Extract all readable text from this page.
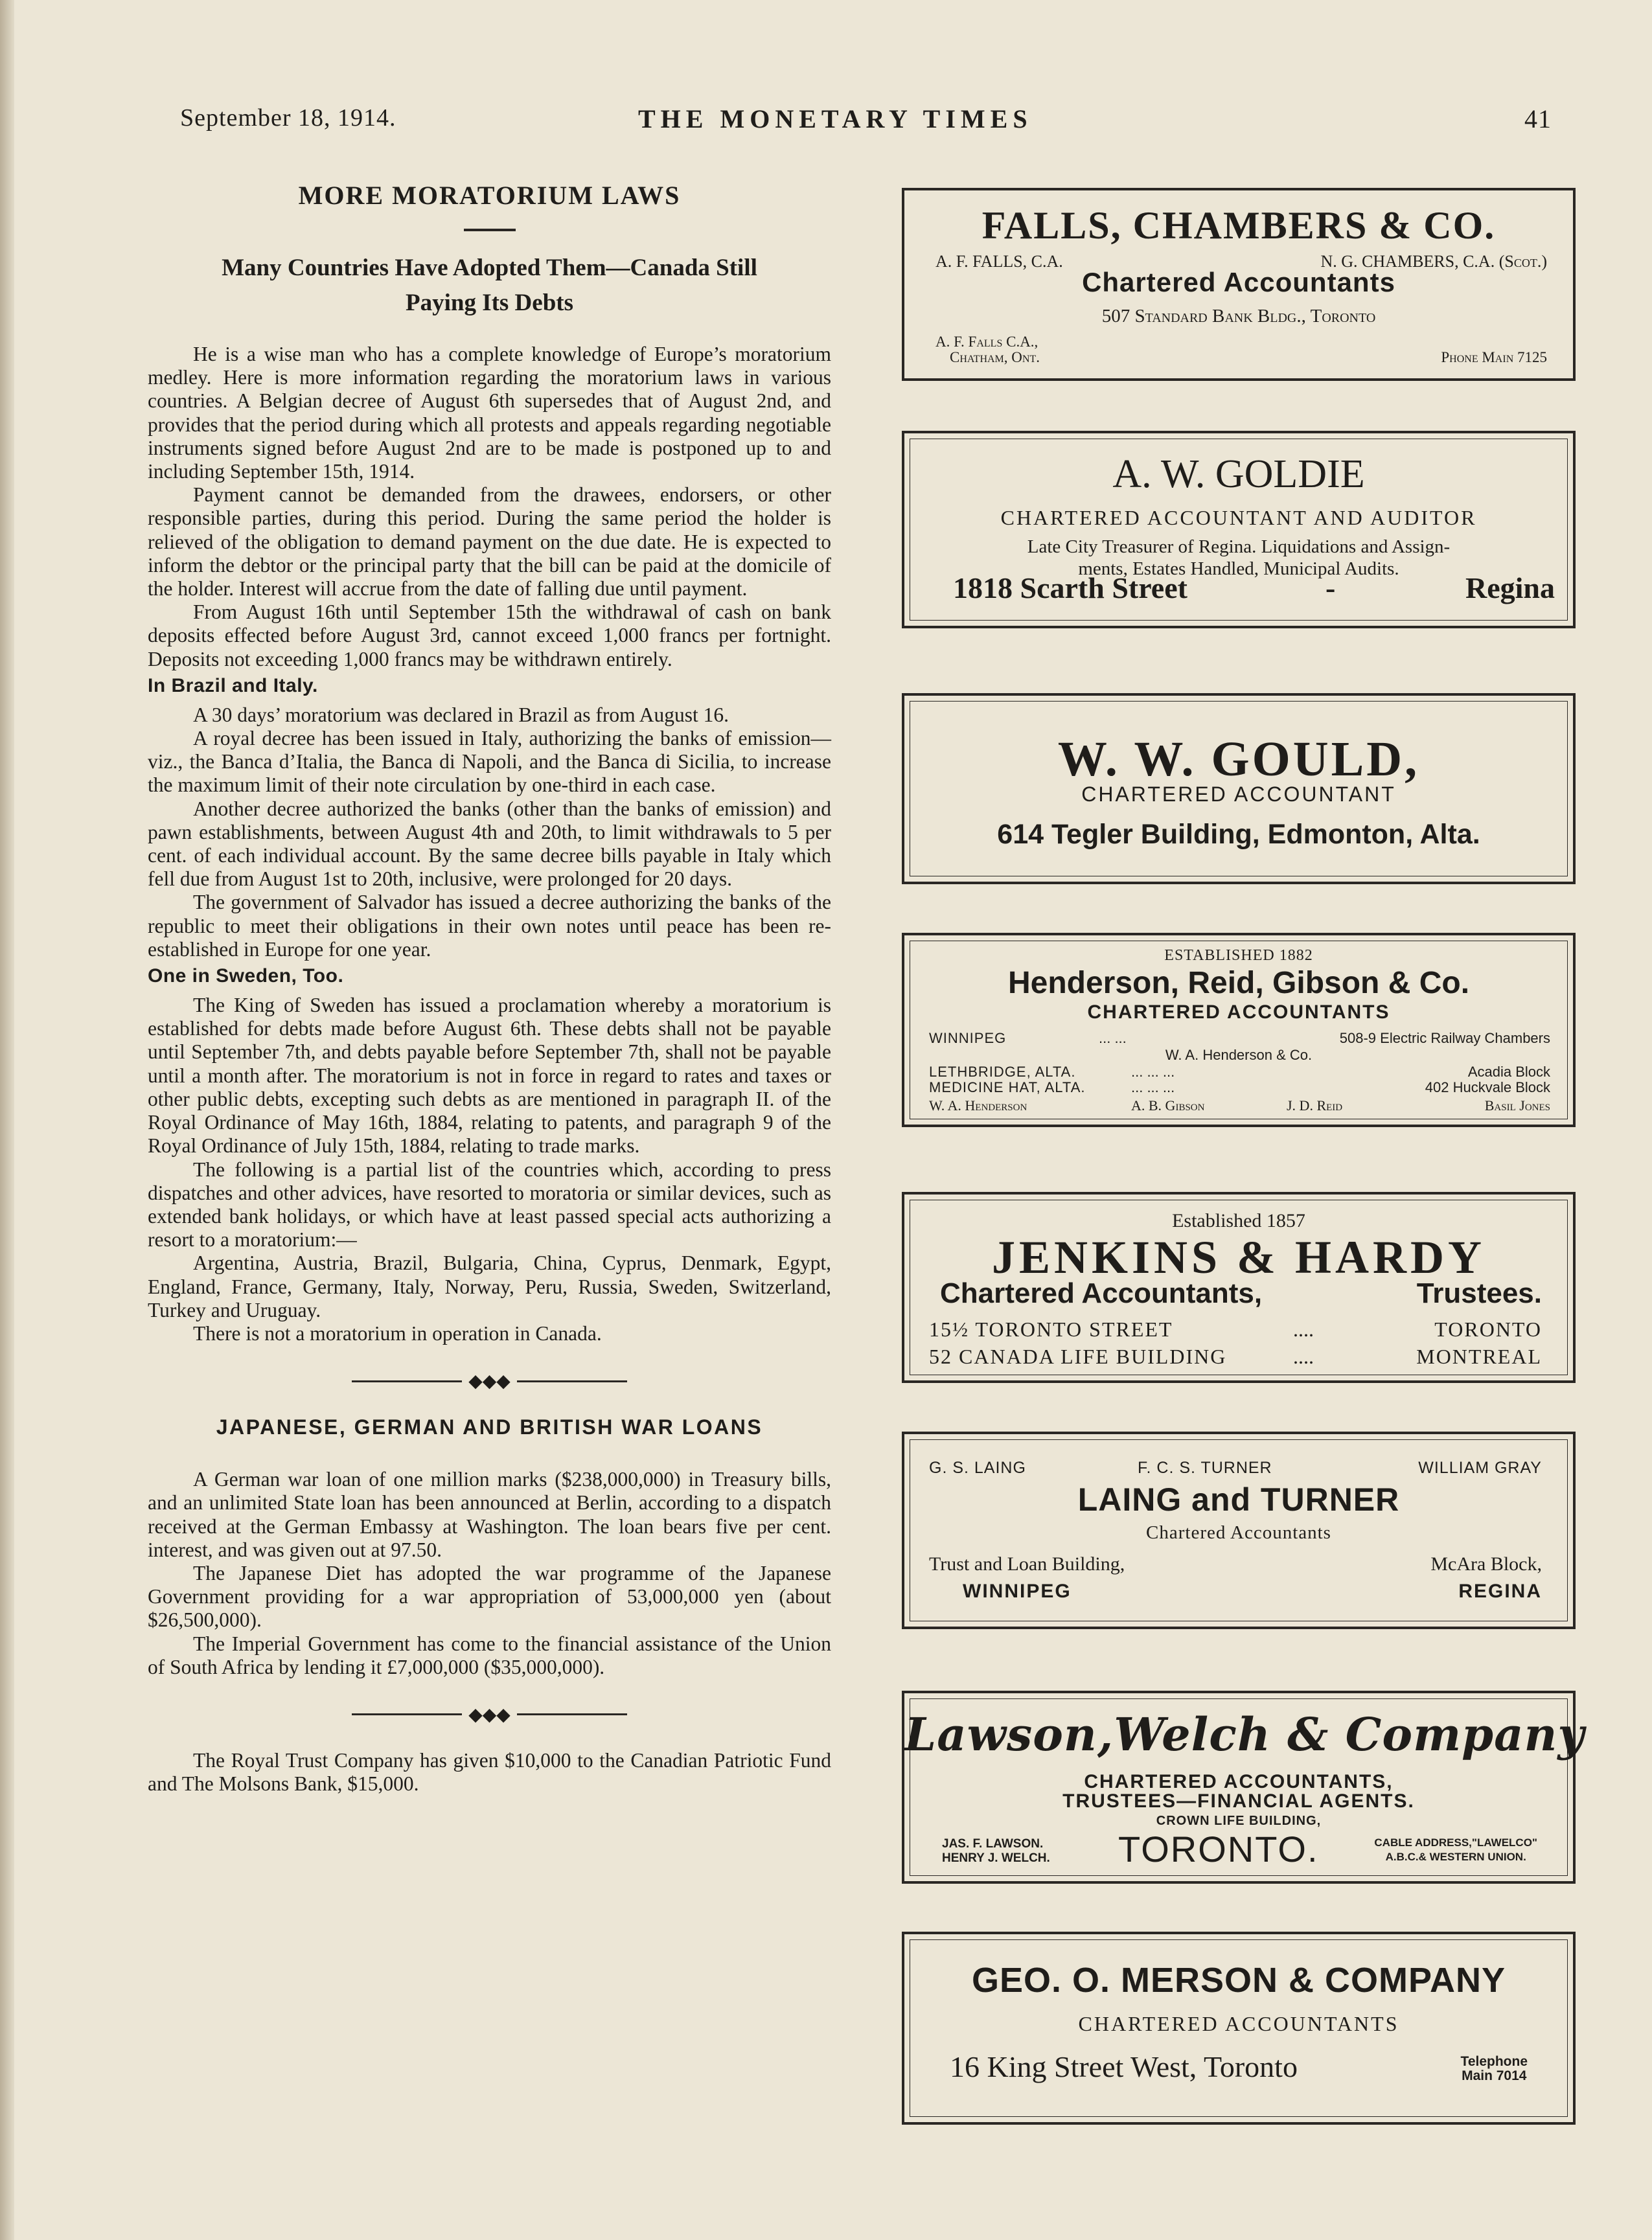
September 18, 1914.	THE MONETARY TIMES	41
MORE MORATORIUM LAWS
Many Countries Have Adopted Them—Canada Still
Paying Its Debts

He is a wise man who has a complete knowledge of Europe’s moratorium medley. Here is more information regarding the moratorium laws in various countries. A Belgian decree of August 6th supersedes that of August 2nd, and provides that the period during which all protests and appeals regarding negotiable instruments signed before August 2nd are to be made is postponed up to and including September 15th, 1914.

Payment cannot be demanded from the drawees, endorsers, or other responsible parties, during this period. During the same period the holder is relieved of the obligation to demand payment on the due date. He is expected to inform the debtor or the principal party that the bill can be paid at the domicile of the holder. Interest will accrue from the date of falling due until payment.

From August 16th until September 15th the withdrawal of cash on bank deposits effected before August 3rd, cannot exceed 1,000 francs per fortnight. Deposits not exceeding 1,000 francs may be withdrawn entirely.

In Brazil and Italy.

A 30 days’ moratorium was declared in Brazil as from August 16.

A royal decree has been issued in Italy, authorizing the banks of emission—viz., the Banca d’Italia, the Banca di Napoli, and the Banca di Sicilia, to increase the maximum limit of their note circulation by one-third in each case.

Another decree authorized the banks (other than the banks of emission) and pawn establishments, between August 4th and 20th, to limit withdrawals to 5 per cent. of each individual account. By the same decree bills payable in Italy which fell due from August 1st to 20th, inclusive, were prolonged for 20 days.

The government of Salvador has issued a decree authorizing the banks of the republic to meet their obligations in their own notes until peace has been re-established in Europe for one year.

One in Sweden, Too.

The King of Sweden has issued a proclamation whereby a moratorium is established for debts made before August 6th. These debts shall not be payable until September 7th, and debts payable before September 7th, shall not be payable until a month after. The moratorium is not in force in regard to rates and taxes or other public debts, excepting such debts as are mentioned in paragraph II. of the Royal Ordinance of May 16th, 1884, relating to patents, and paragraph 9 of the Royal Ordinance of July 15th, 1884, relating to trade marks.

The following is a partial list of the countries which, according to press dispatches and other advices, have resorted to moratoria or similar devices, such as extended bank holidays, or which have at least passed special acts authorizing a resort to a moratorium:—

Argentina, Austria, Brazil, Bulgaria, China, Cyprus, Denmark, Egypt, England, France, Germany, Italy, Norway, Peru, Russia, Sweden, Switzerland, Turkey and Uruguay.

There is not a moratorium in operation in Canada.

◆◆◆
JAPANESE, GERMAN AND BRITISH WAR LOANS

A German war loan of one million marks ($238,000,000) in Treasury bills, and an unlimited State loan has been announced at Berlin, according to a dispatch received at the German Embassy at Washington. The loan bears five per cent. interest, and was given out at 97.50.

The Japanese Diet has adopted the war programme of the Japanese Government providing for a war appropriation of 53,000,000 yen (about $26,500,000).

The Imperial Government has come to the financial assistance of the Union of South Africa by lending it £7,000,000 ($35,000,000).

◆◆◆

The Royal Trust Company has given $10,000 to the Canadian Patriotic Fund and The Molsons Bank, $15,000.

FALLS, CHAMBERS & CO.
A. F. FALLS, C.A.	N. G. CHAMBERS, C.A. (Scot.)
Chartered Accountants
507 Standard Bank Bldg., Toronto
A. F. Falls C.A.,
Chatham, Ont.	Phone Main 7125
A. W. GOLDIE
CHARTERED ACCOUNTANT AND AUDITOR
Late City Treasurer of Regina. Liquidations and Assign-
ments, Estates Handled, Municipal Audits.
1818 Scarth Street	-	Regina
W. W. GOULD,
CHARTERED ACCOUNTANT
614 Tegler Building, Edmonton, Alta.
ESTABLISHED 1882
Henderson, Reid, Gibson & Co.
CHARTERED ACCOUNTANTS
WINNIPEG	... ...	508-9 Electric Railway Chambers
W. A. Henderson & Co.
LETHBRIDGE, ALTA.	... ... ...	Acadia Block
MEDICINE HAT, ALTA.	... ... ...	402 Huckvale Block
W. A. Henderson	A. B. Gibson	J. D. Reid	Basil Jones
Established 1857
JENKINS & HARDY
Chartered Accountants,	Trustees.
15½ TORONTO STREET	....	TORONTO
52 CANADA LIFE BUILDING	....	MONTREAL
G. S. LAING	F. C. S. TURNER	WILLIAM GRAY
LAING and TURNER
Chartered Accountants
Trust and Loan Building,
WINNIPEG
McAra Block,
REGINA
Lawson,Welch & Company
CHARTERED ACCOUNTANTS,
TRUSTEES—FINANCIAL AGENTS.
CROWN LIFE BUILDING,
JAS. F. LAWSON.
HENRY J. WELCH. TORONTO.	CABLE ADDRESS,"LAWELCO"
A.B.C.& WESTERN UNION.
GEO. O. MERSON & COMPANY
CHARTERED ACCOUNTANTS
16 King Street West, Toronto	Telephone
Main 7014
